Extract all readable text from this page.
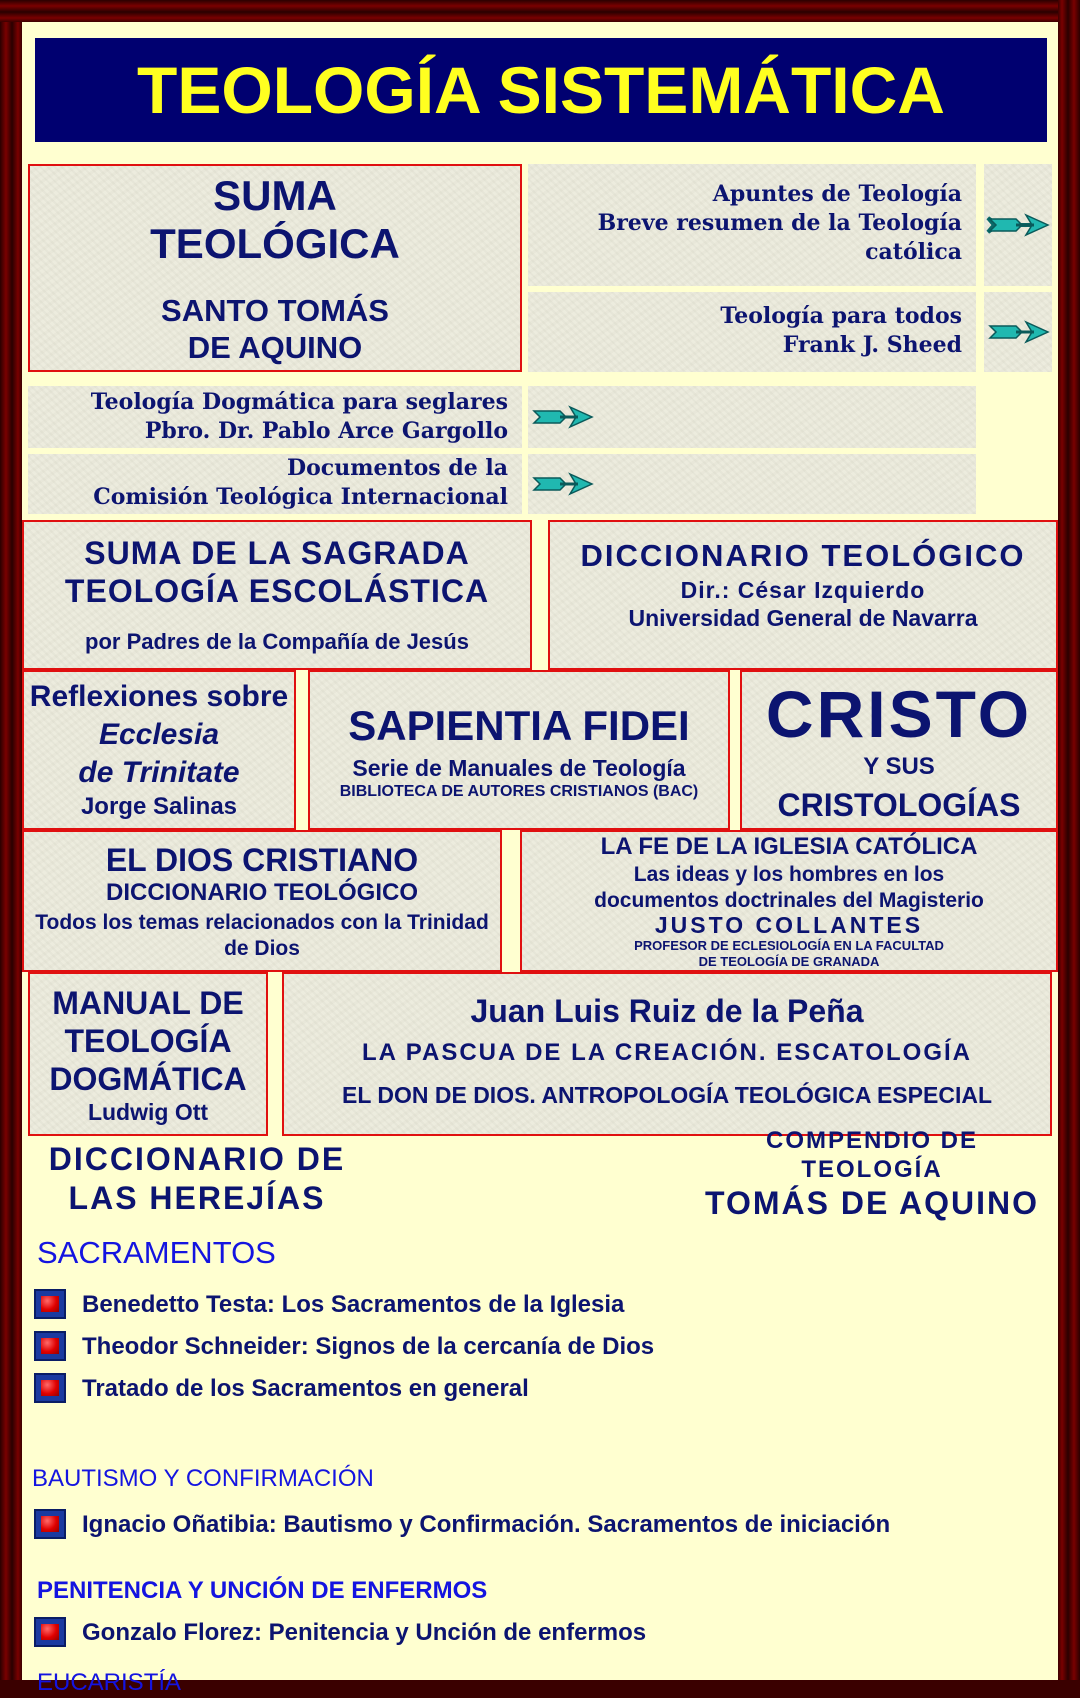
TEOLOGÍA SISTEMÁTICA
SUMA
TEOLÓGICA
SANTO TOMÁS
DE AQUINO
Apuntes de Teología
Breve resumen de la Teología
católica
Teología para todos
Frank J. Sheed
Teología Dogmática para seglares
Pbro. Dr. Pablo Arce Gargollo
Documentos de la
Comisión Teológica Internacional
SUMA DE LA SAGRADA
TEOLOGÍA ESCOLÁSTICA
por Padres de la Compañía de Jesús
DICCIONARIO TEOLÓGICO
Dir.: César Izquierdo
Universidad General de Navarra
Reflexiones sobre
Ecclesia
de Trinitate
Jorge Salinas
SAPIENTIA FIDEI
Serie de Manuales de Teología
BIBLIOTECA DE AUTORES CRISTIANOS (BAC)
CRISTO
Y SUS
CRISTOLOGÍAS
EL DIOS CRISTIANO
DICCIONARIO TEOLÓGICO
Todos los temas relacionados con la Trinidad
de Dios
LA FE DE LA IGLESIA CATÓLICA
Las ideas y los hombres en los
documentos doctrinales del Magisterio
JUSTO COLLANTES
PROFESOR DE ECLESIOLOGÍA EN LA FACULTAD
DE TEOLOGÍA DE GRANADA
MANUAL DE
TEOLOGÍA
DOGMÁTICA
Ludwig Ott
Juan Luis Ruiz de la Peña
LA PASCUA DE LA CREACIÓN. ESCATOLOGÍA
EL DON DE DIOS. ANTROPOLOGÍA TEOLÓGICA ESPECIAL
DICCIONARIO DE
LAS HEREJÍAS
COMPENDIO DE
TEOLOGÍA
TOMÁS DE AQUINO
SACRAMENTOS
Benedetto Testa: Los Sacramentos de la Iglesia
Theodor Schneider: Signos de la cercanía de Dios
Tratado de los Sacramentos en general
BAUTISMO Y CONFIRMACIÓN
Ignacio Oñatibia: Bautismo y Confirmación. Sacramentos de iniciación
PENITENCIA Y UNCIÓN DE ENFERMOS
Gonzalo Florez: Penitencia y Unción de enfermos
EUCARISTÍA
